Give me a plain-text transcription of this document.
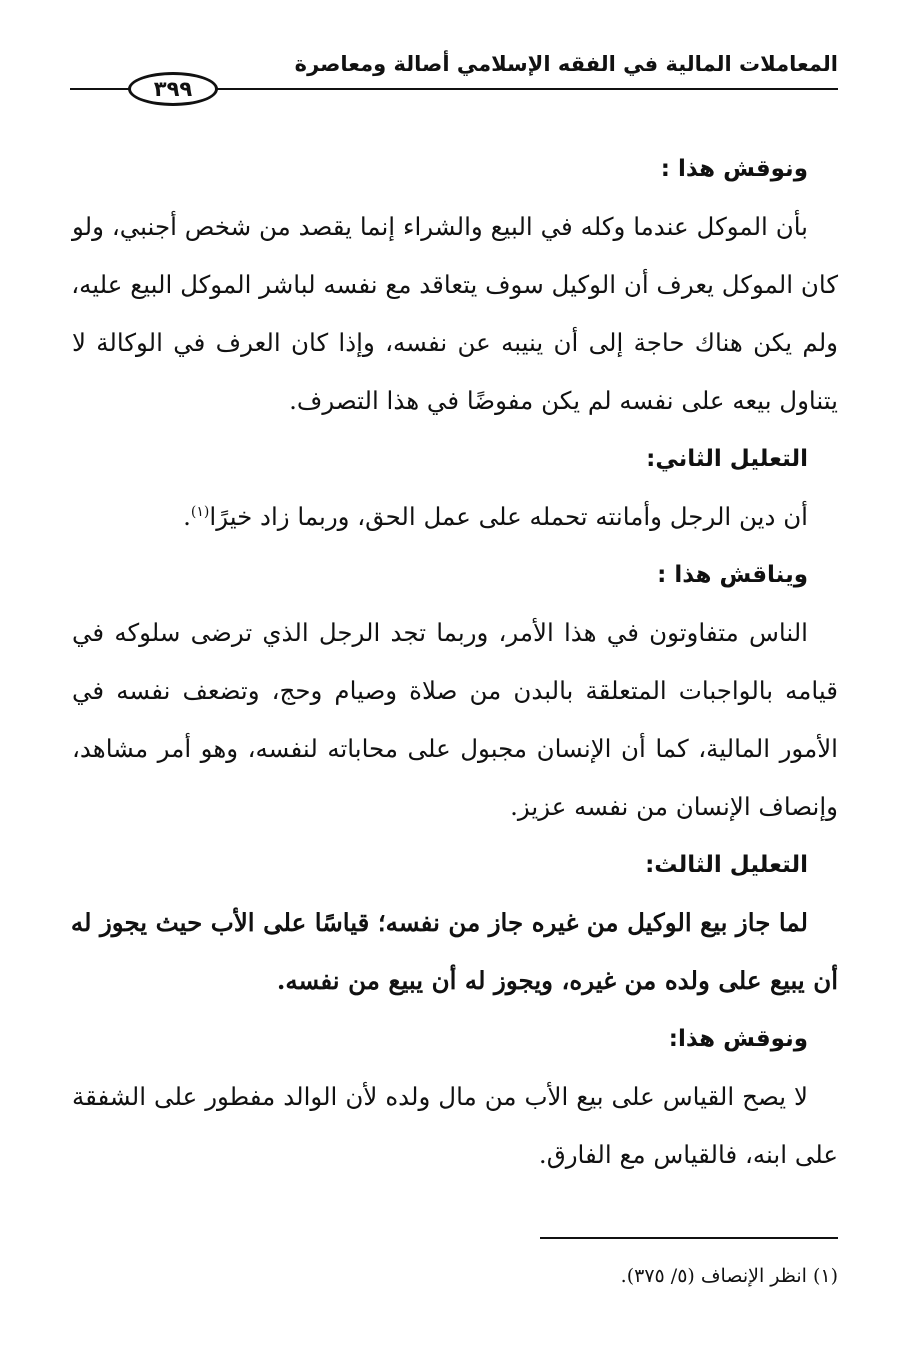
المعاملات المالية في الفقه الإسلامي أصالة ومعاصرة
٣٩٩
ونوقش هذا :
بأن الموكل عندما وكله في البيع والشراء إنما يقصد من شخص أجنبي، ولو
كان الموكل يعرف أن الوكيل سوف يتعاقد مع نفسه لباشر الموكل البيع عليه،
ولم يكن هناك حاجة إلى أن ينيبه عن نفسه، وإذا كان العرف في الوكالة لا
يتناول بيعه على نفسه لم يكن مفوضًا في هذا التصرف.
التعليل الثاني:
أن دين الرجل وأمانته تحمله على عمل الحق، وربما زاد خيرًا$^{(١)}$.
ويناقش هذا :
الناس متفاوتون في هذا الأمر، وربما تجد الرجل الذي ترضى سلوكه في
قيامه بالواجبات المتعلقة بالبدن من صلاة وصيام وحج، وتضعف نفسه في
الأمور المالية، كما أن الإنسان مجبول على محاباته لنفسه، وهو أمر مشاهد،
وإنصاف الإنسان من نفسه عزيز.
التعليل الثالث:
لما جاز بيع الوكيل من غيره جاز من نفسه؛ قياسًا على الأب حيث يجوز له
أن يبيع على ولده من غيره، ويجوز له أن يبيع من نفسه.
ونوقش هذا:
لا يصح القياس على بيع الأب من مال ولده لأن الوالد مفطور على الشفقة
على ابنه، فالقياس مع الفارق.
(١) انظر الإنصاف (٥/ ٣٧٥).
